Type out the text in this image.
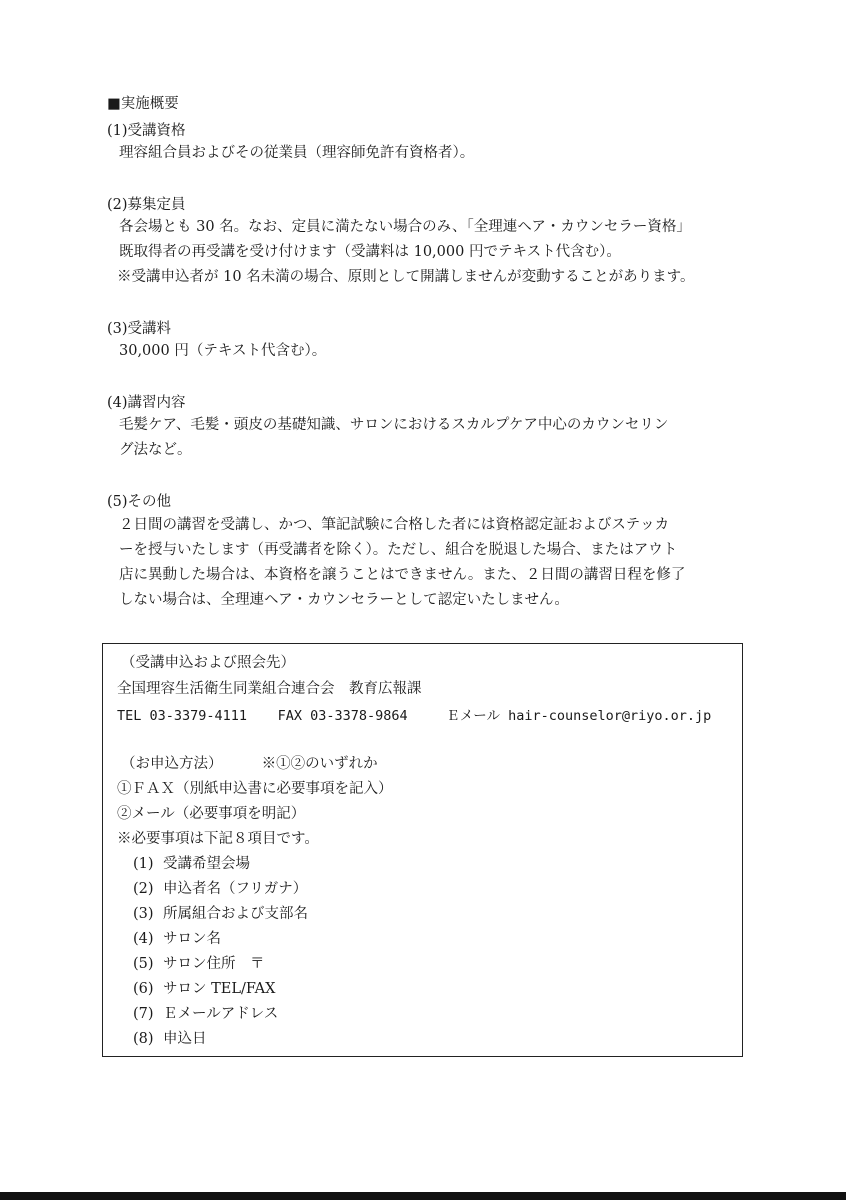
■実施概要
(1)受講資格

理容組合員およびその従業員（理容師免許有資格者）。

(2)募集定員

各会場とも 30 名。なお、定員に満たない場合のみ、「全理連ヘア・カウンセラー資格」

既取得者の再受講を受け付けます（受講料は 10,000 円でテキスト代含む）。

※受講申込者が 10 名未満の場合、原則として開講しませんが変動することがあります。

(3)受講料

30,000 円（テキスト代含む）。

(4)講習内容

毛髪ケア、毛髪・頭皮の基礎知識、サロンにおけるスカルプケア中心のカウンセリン

グ法など。

(5)その他

２日間の講習を受講し、かつ、筆記試験に合格した者には資格認定証およびステッカ

ーを授与いたします（再受講者を除く）。ただし、組合を脱退した場合、またはアウト

店に異動した場合は、本資格を譲うことはできません。また、２日間の講習日程を修了

しない場合は、全理連ヘア・カウンセラーとして認定いたしません。

（受講申込および照会先）
全国理容生活衛生同業組合連合会　教育広報課
TEL 03-3379-4111 FAX 03-3378-9864	Ｅメール hair-counselor@riyo.or.jp
（お申込方法）	※①②のいずれか
①ＦＡＸ（別紙申込書に必要事項を記入）
②メール（必要事項を明記）
※必要事項は下記８項目です。
(1) 受講希望会場
(2) 申込者名（フリガナ）
(3) 所属組合および支部名
(4) サロン名
(5) サロン住所　〒
(6) サロン TEL/FAX
(7) Ｅメールアドレス
(8) 申込日
